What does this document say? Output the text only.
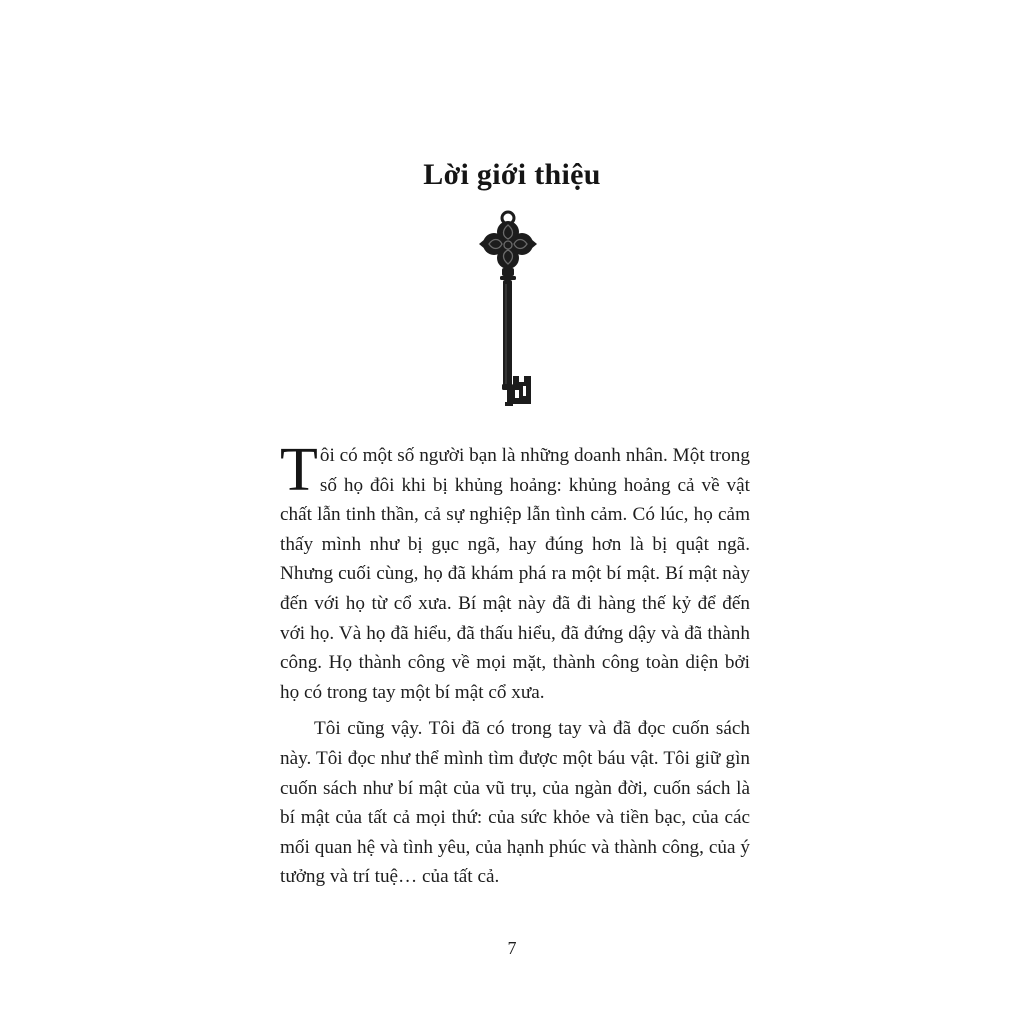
Lời giới thiệu

Tôi có một số người bạn là những doanh nhân. Một trong số họ đôi khi bị khủng hoảng: khủng hoảng cả về vật chất lẫn tinh thần, cả sự nghiệp lẫn tình cảm. Có lúc, họ cảm thấy mình như bị gục ngã, hay đúng hơn là bị quật ngã. Nhưng cuối cùng, họ đã khám phá ra một bí mật. Bí mật này đến với họ từ cổ xưa. Bí mật này đã đi hàng thế kỷ để đến với họ. Và họ đã hiểu, đã thấu hiểu, đã đứng dậy và đã thành công. Họ thành công về mọi mặt, thành công toàn diện bởi họ có trong tay một bí mật cổ xưa.

Tôi cũng vậy. Tôi đã có trong tay và đã đọc cuốn sách này. Tôi đọc như thể mình tìm được một báu vật. Tôi giữ gìn cuốn sách như bí mật của vũ trụ, của ngàn đời, cuốn sách là bí mật của tất cả mọi thứ: của sức khỏe và tiền bạc, của các mối quan hệ và tình yêu, của hạnh phúc và thành công, của ý tưởng và trí tuệ… của tất cả.

7
